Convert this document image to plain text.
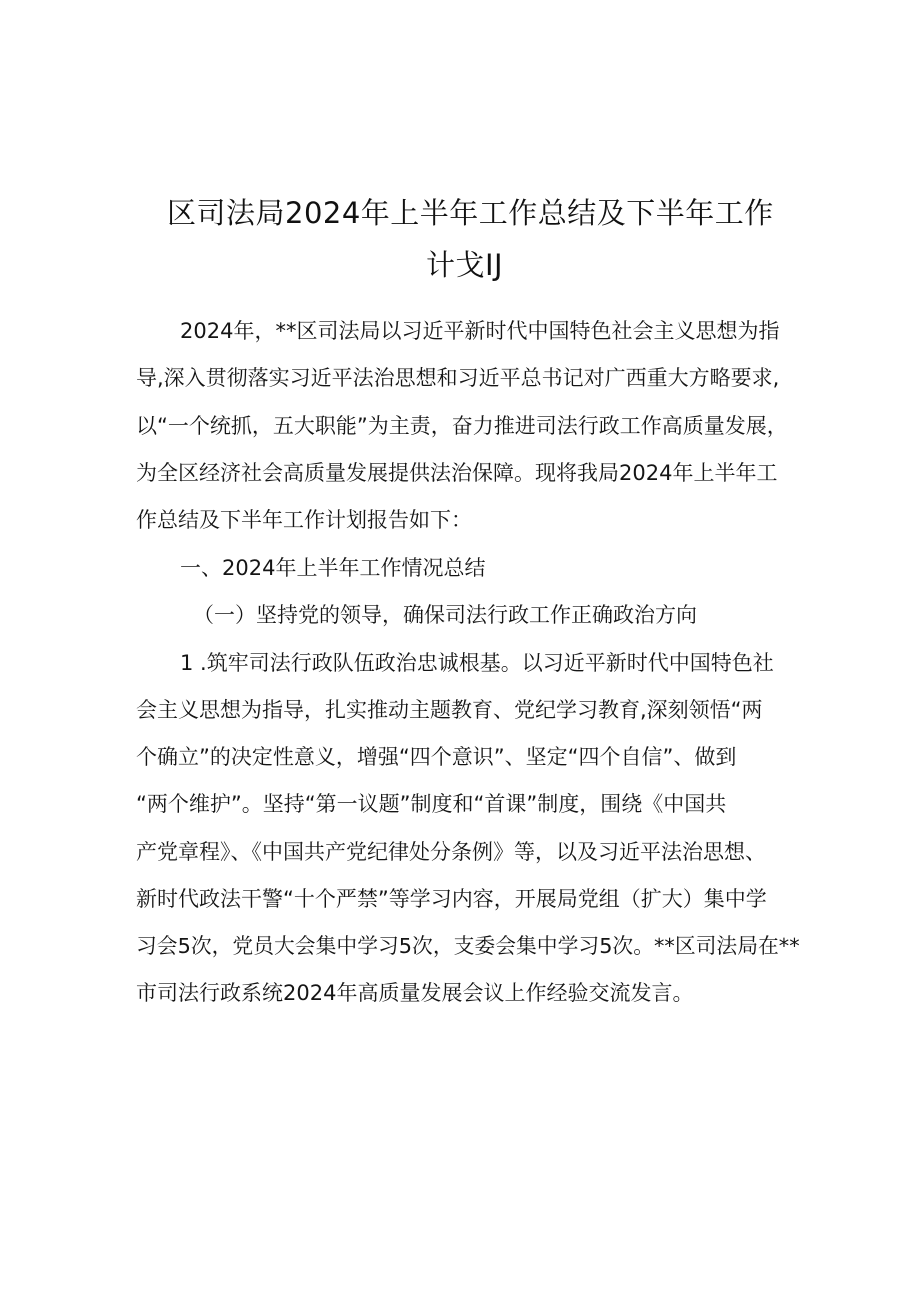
区司法局2024年上半年工作总结及下半年工作
计戈IJ
2024年，**区司法局以习近平新时代中国特色社会主义思想为指
导,深入贯彻落实习近平法治思想和习近平总书记对广西重大方略要求,
以“一个统抓，五大职能”为主责，奋力推进司法行政工作高质量发展，
为全区经济社会高质量发展提供法治保障。现将我局2024年上半年工
作总结及下半年工作计划报告如下：
一、2024年上半年工作情况总结
（一）坚持党的领导，确保司法行政工作正确政治方向
1 .筑牢司法行政队伍政治忠诚根基。以习近平新时代中国特色社
会主义思想为指导，扎实推动主题教育、党纪学习教育,深刻领悟“两
个确立”的决定性意义，增强“四个意识”、坚定“四个自信”、做到
“两个维护”。坚持“第一议题”制度和“首课”制度，围绕《中国共
产党章程》、《中国共产党纪律处分条例》等，以及习近平法治思想、
新时代政法干警“十个严禁”等学习内容，开展局党组（扩大）集中学
习会5次，党员大会集中学习5次，支委会集中学习5次。**区司法局在**
市司法行政系统2024年高质量发展会议上作经验交流发言。
